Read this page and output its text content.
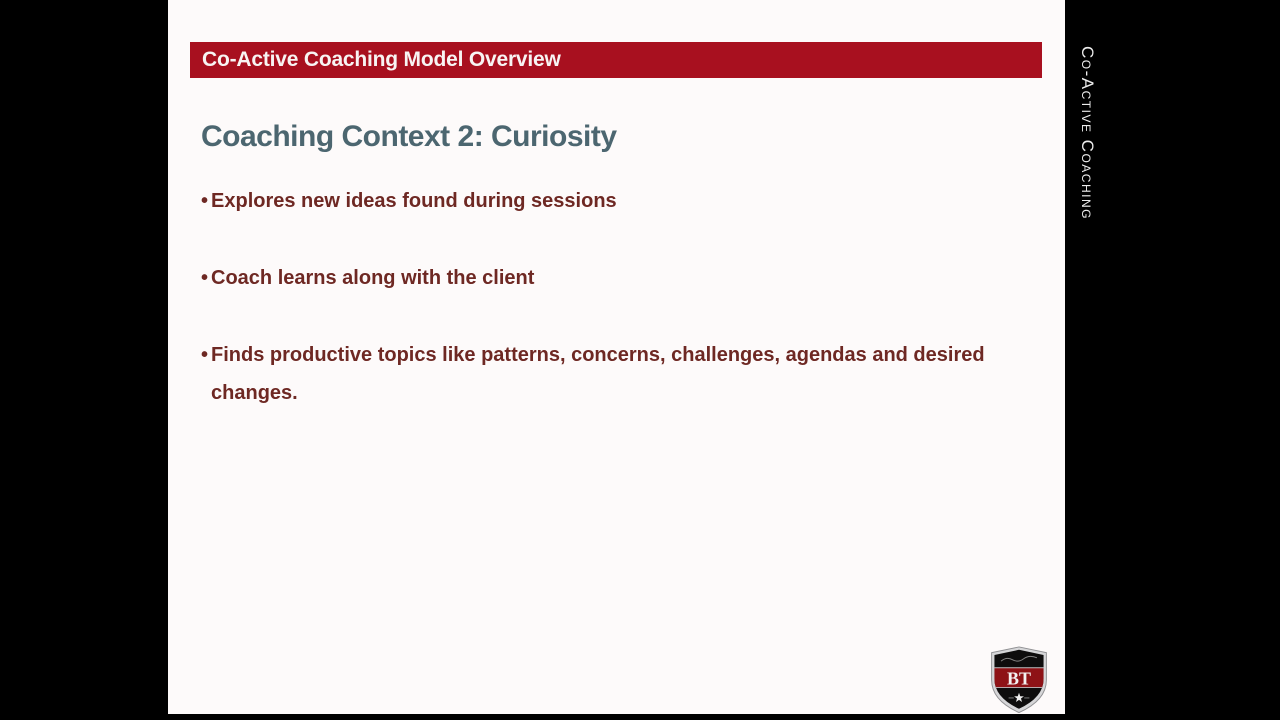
Co-Active Coaching Model Overview
Coaching Context 2: Curiosity
• Explores new ideas found during sessions
• Coach learns along with the client
• Finds productive topics like patterns, concerns, challenges, agendas and desired changes.
BT
Co-Active Coaching
